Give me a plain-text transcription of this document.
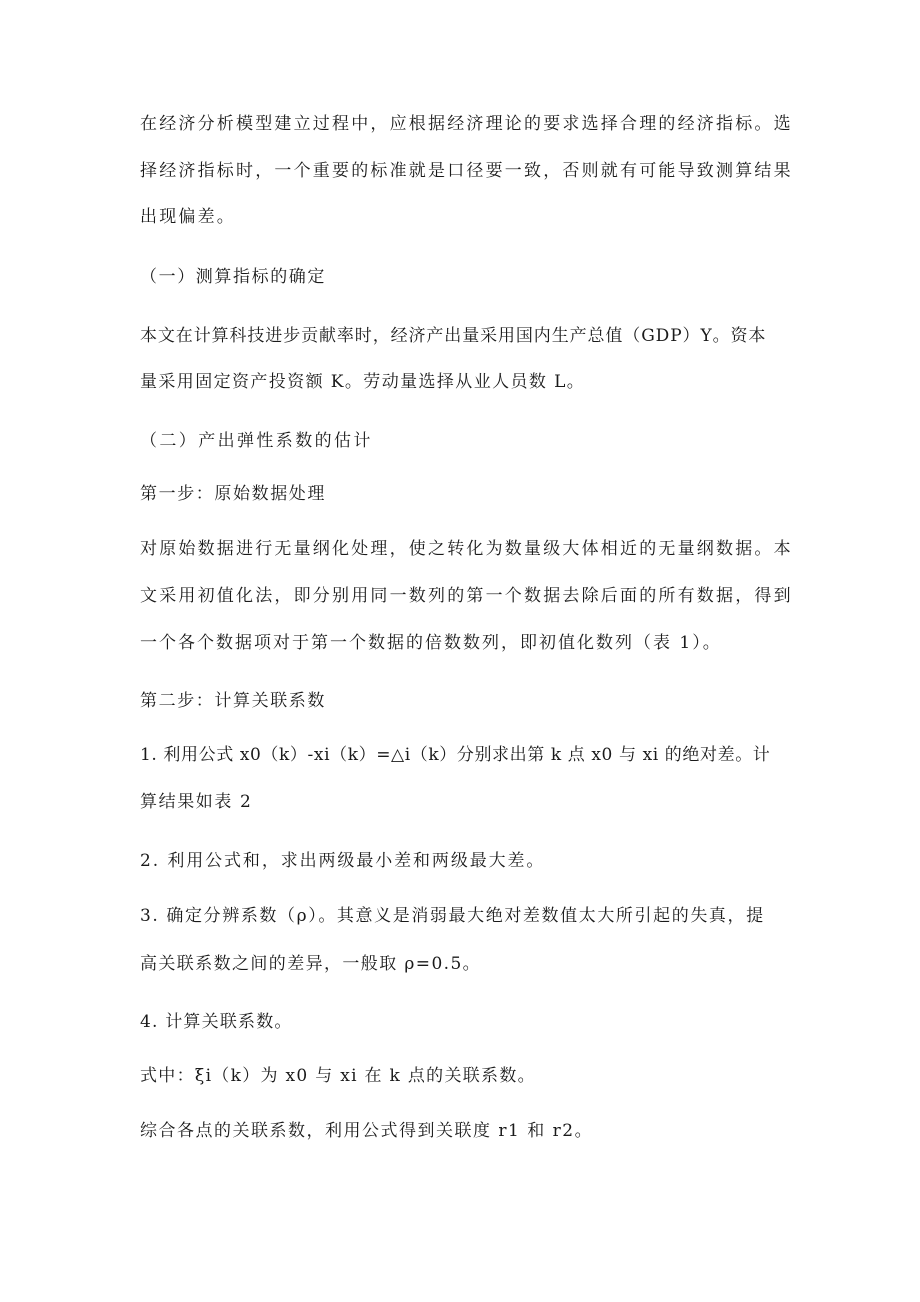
在经济分析模型建立过程中，应根据经济理论的要求选择合理的经济指标。选
择经济指标时，一个重要的标准就是口径要一致，否则就有可能导致测算结果
出现偏差。
（一）测算指标的确定
本文在计算科技进步贡献率时，经济产出量采用国内生产总值（GDP）Y。资本
量采用固定资产投资额 K。劳动量选择从业人员数 L。
（二）产出弹性系数的估计
第一步：原始数据处理
对原始数据进行无量纲化处理，使之转化为数量级大体相近的无量纲数据。本
文采用初值化法，即分别用同一数列的第一个数据去除后面的所有数据，得到
一个各个数据项对于第一个数据的倍数数列，即初值化数列（表 1）。
第二步：计算关联系数
1. 利用公式 x0（k）-xi（k）=△i（k）分别求出第 k 点 x0 与 xi 的绝对差。计
算结果如表 2
2. 利用公式和，求出两级最小差和两级最大差。
3. 确定分辨系数（ρ）。其意义是消弱最大绝对差数值太大所引起的失真，提
高关联系数之间的差异，一般取 ρ=0.5。
4. 计算关联系数。
式中：ξi（k）为 x0 与 xi 在 k 点的关联系数。
综合各点的关联系数，利用公式得到关联度 r1 和 r2。
